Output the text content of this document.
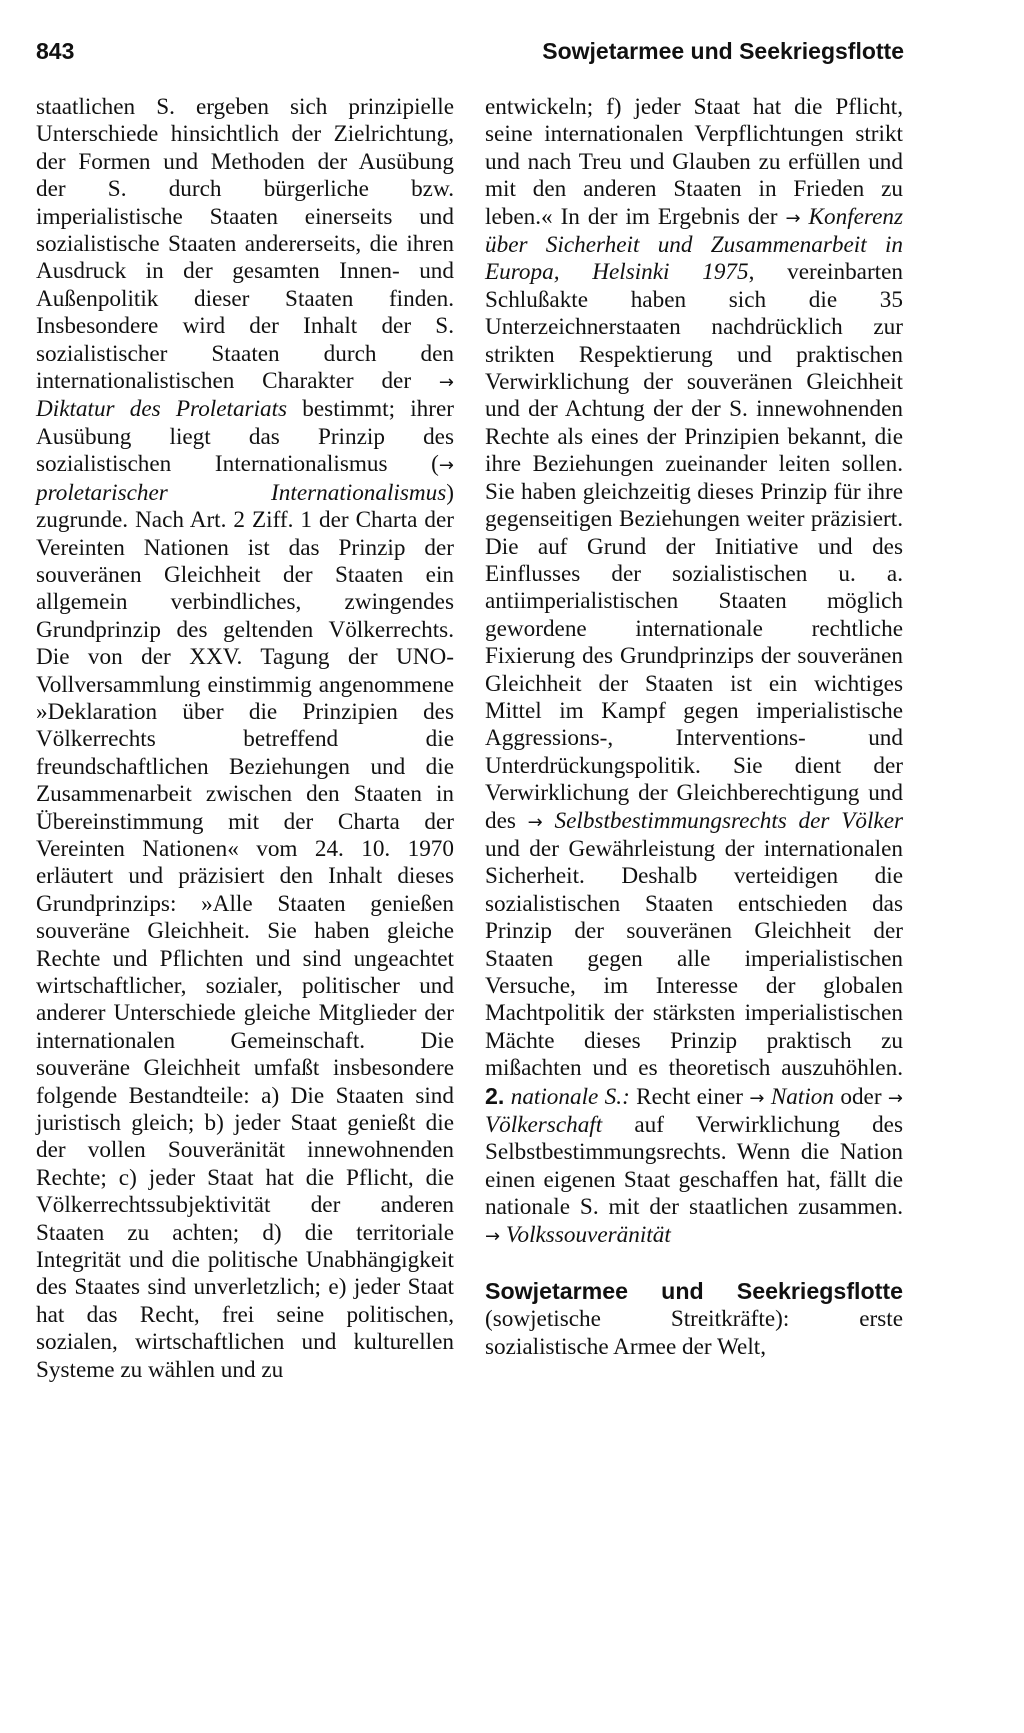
843	Sowjetarmee und Seekriegsflotte

staatlichen S. ergeben sich prinzipielle Unterschiede hinsichtlich der Zielrichtung, der Formen und Methoden der Ausübung der S. durch bürgerliche bzw. imperialistische Staaten einerseits und sozialistische Staaten andererseits, die ihren Ausdruck in der gesamten Innen- und Außenpolitik dieser Staaten finden. Insbesondere wird der Inhalt der S. sozialistischer Staaten durch den internationalistischen Charakter der → Diktatur des Proletariats bestimmt; ihrer Ausübung liegt das Prinzip des sozialistischen Internationalismus (→ proletarischer Internationalismus) zugrunde. Nach Art. 2 Ziff. 1 der Charta der Vereinten Nationen ist das Prinzip der souveränen Gleichheit der Staaten ein allgemein verbindliches, zwingendes Grundprinzip des geltenden Völkerrechts. Die von der XXV. Tagung der UNO-Vollversammlung einstimmig angenommene »Deklaration über die Prinzipien des Völkerrechts betreffend die freundschaftlichen Beziehungen und die Zusammenarbeit zwischen den Staaten in Übereinstimmung mit der Charta der Vereinten Nationen« vom 24. 10. 1970 erläutert und präzisiert den Inhalt dieses Grundprinzips: »Alle Staaten genießen souveräne Gleichheit. Sie haben gleiche Rechte und Pflichten und sind ungeachtet wirtschaftlicher, sozialer, politischer und anderer Unterschiede gleiche Mitglieder der internationalen Gemeinschaft. Die souveräne Gleichheit umfaßt insbesondere folgende Bestandteile: a) Die Staaten sind juristisch gleich; b) jeder Staat genießt die der vollen Souveränität innewohnenden Rechte; c) jeder Staat hat die Pflicht, die Völkerrechtssubjektivität der anderen Staaten zu achten; d) die territoriale Integrität und die politische Unabhängigkeit des Staates sind unverletzlich; e) jeder Staat hat das Recht, frei seine politischen, sozialen, wirtschaftlichen und kulturellen Systeme zu wählen und zu

entwickeln; f) jeder Staat hat die Pflicht, seine internationalen Verpflichtungen strikt und nach Treu und Glauben zu erfüllen und mit den anderen Staaten in Frieden zu leben.« In der im Ergebnis der → Konferenz über Sicherheit und Zusammenarbeit in Europa, Helsinki 1975, vereinbarten Schlußakte haben sich die 35 Unterzeichnerstaaten nachdrücklich zur strikten Respektierung und praktischen Verwirklichung der souveränen Gleichheit und der Achtung der der S. innewohnenden Rechte als eines der Prinzipien bekannt, die ihre Beziehungen zueinander leiten sollen. Sie haben gleichzeitig dieses Prinzip für ihre gegenseitigen Beziehungen weiter präzisiert. Die auf Grund der Initiative und des Einflusses der sozialistischen u. a. antiimperialistischen Staaten möglich gewordene internationale rechtliche Fixierung des Grundprinzips der souveränen Gleichheit der Staaten ist ein wichtiges Mittel im Kampf gegen imperialistische Aggressions-, Interventions- und Unterdrückungspolitik. Sie dient der Verwirklichung der Gleichberechtigung und des → Selbstbestimmungsrechts der Völker und der Gewährleistung der internationalen Sicherheit. Deshalb verteidigen die sozialistischen Staaten entschieden das Prinzip der souveränen Gleichheit der Staaten gegen alle imperialistischen Versuche, im Interesse der globalen Machtpolitik der stärksten imperialistischen Mächte dieses Prinzip praktisch zu mißachten und es theoretisch auszuhöhlen. 2. nationale S.: Recht einer → Nation oder → Völkerschaft auf Verwirklichung des Selbstbestimmungsrechts. Wenn die Nation einen eigenen Staat geschaffen hat, fällt die nationale S. mit der staatlichen zusammen. → Volkssouveränität

Sowjetarmee und Seekriegsflotte (sowjetische Streitkräfte): erste sozialistische Armee der Welt,
